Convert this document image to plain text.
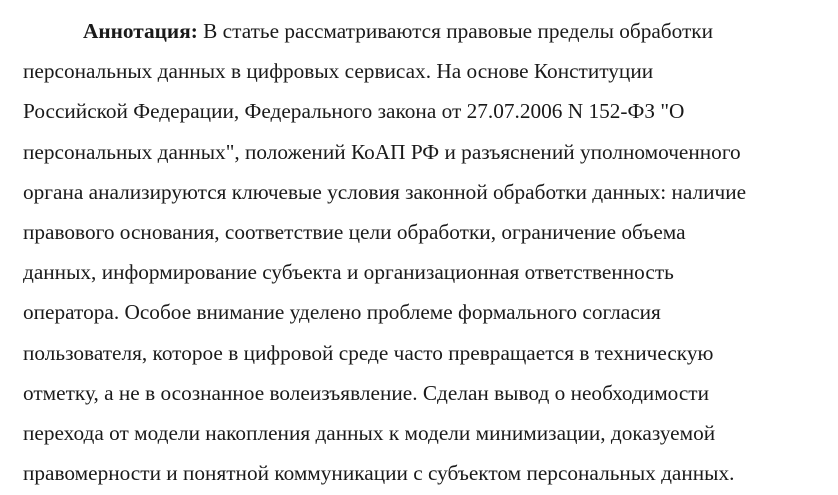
Аннотация: В статье рассматриваются правовые пределы обработки
персональных данных в цифровых сервисах. На основе Конституции
Российской Федерации, Федерального закона от 27.07.2006 N 152-ФЗ "О
персональных данных", положений КоАП РФ и разъяснений уполномоченного
органа анализируются ключевые условия законной обработки данных: наличие
правового основания, соответствие цели обработки, ограничение объема
данных, информирование субъекта и организационная ответственность
оператора. Особое внимание уделено проблеме формального согласия
пользователя, которое в цифровой среде часто превращается в техническую
отметку, а не в осознанное волеизъявление. Сделан вывод о необходимости
перехода от модели накопления данных к модели минимизации, доказуемой
правомерности и понятной коммуникации с субъектом персональных данных.
